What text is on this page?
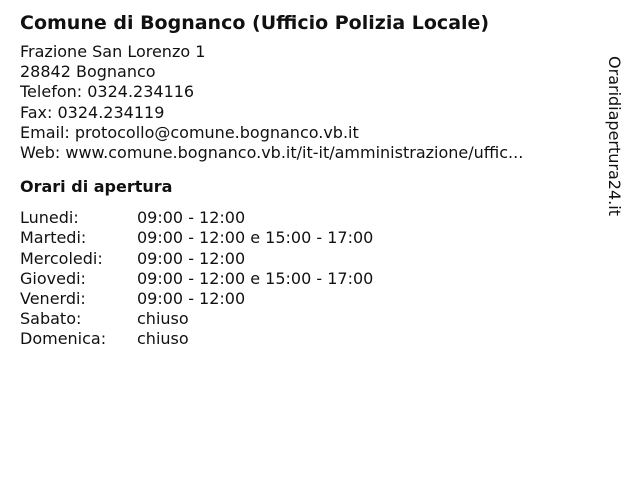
Comune di Bognanco (Ufficio Polizia Locale)
Frazione San Lorenzo 1
28842 Bognanco
Telefon: 0324.234116
Fax: 0324.234119
Email: protocollo@comune.bognanco.vb.it
Web: www.comune.bognanco.vb.it/it-it/amministrazione/uffic...
Orari di apertura
Lunedi:	09:00 - 12:00
Martedi:	09:00 - 12:00 e 15:00 - 17:00
Mercoledi: 09:00 - 12:00
Giovedi:	09:00 - 12:00 e 15:00 - 17:00
Venerdi:	09:00 - 12:00
Sabato:	chiuso
Domenica: chiuso
Oraridiapertura24.it
